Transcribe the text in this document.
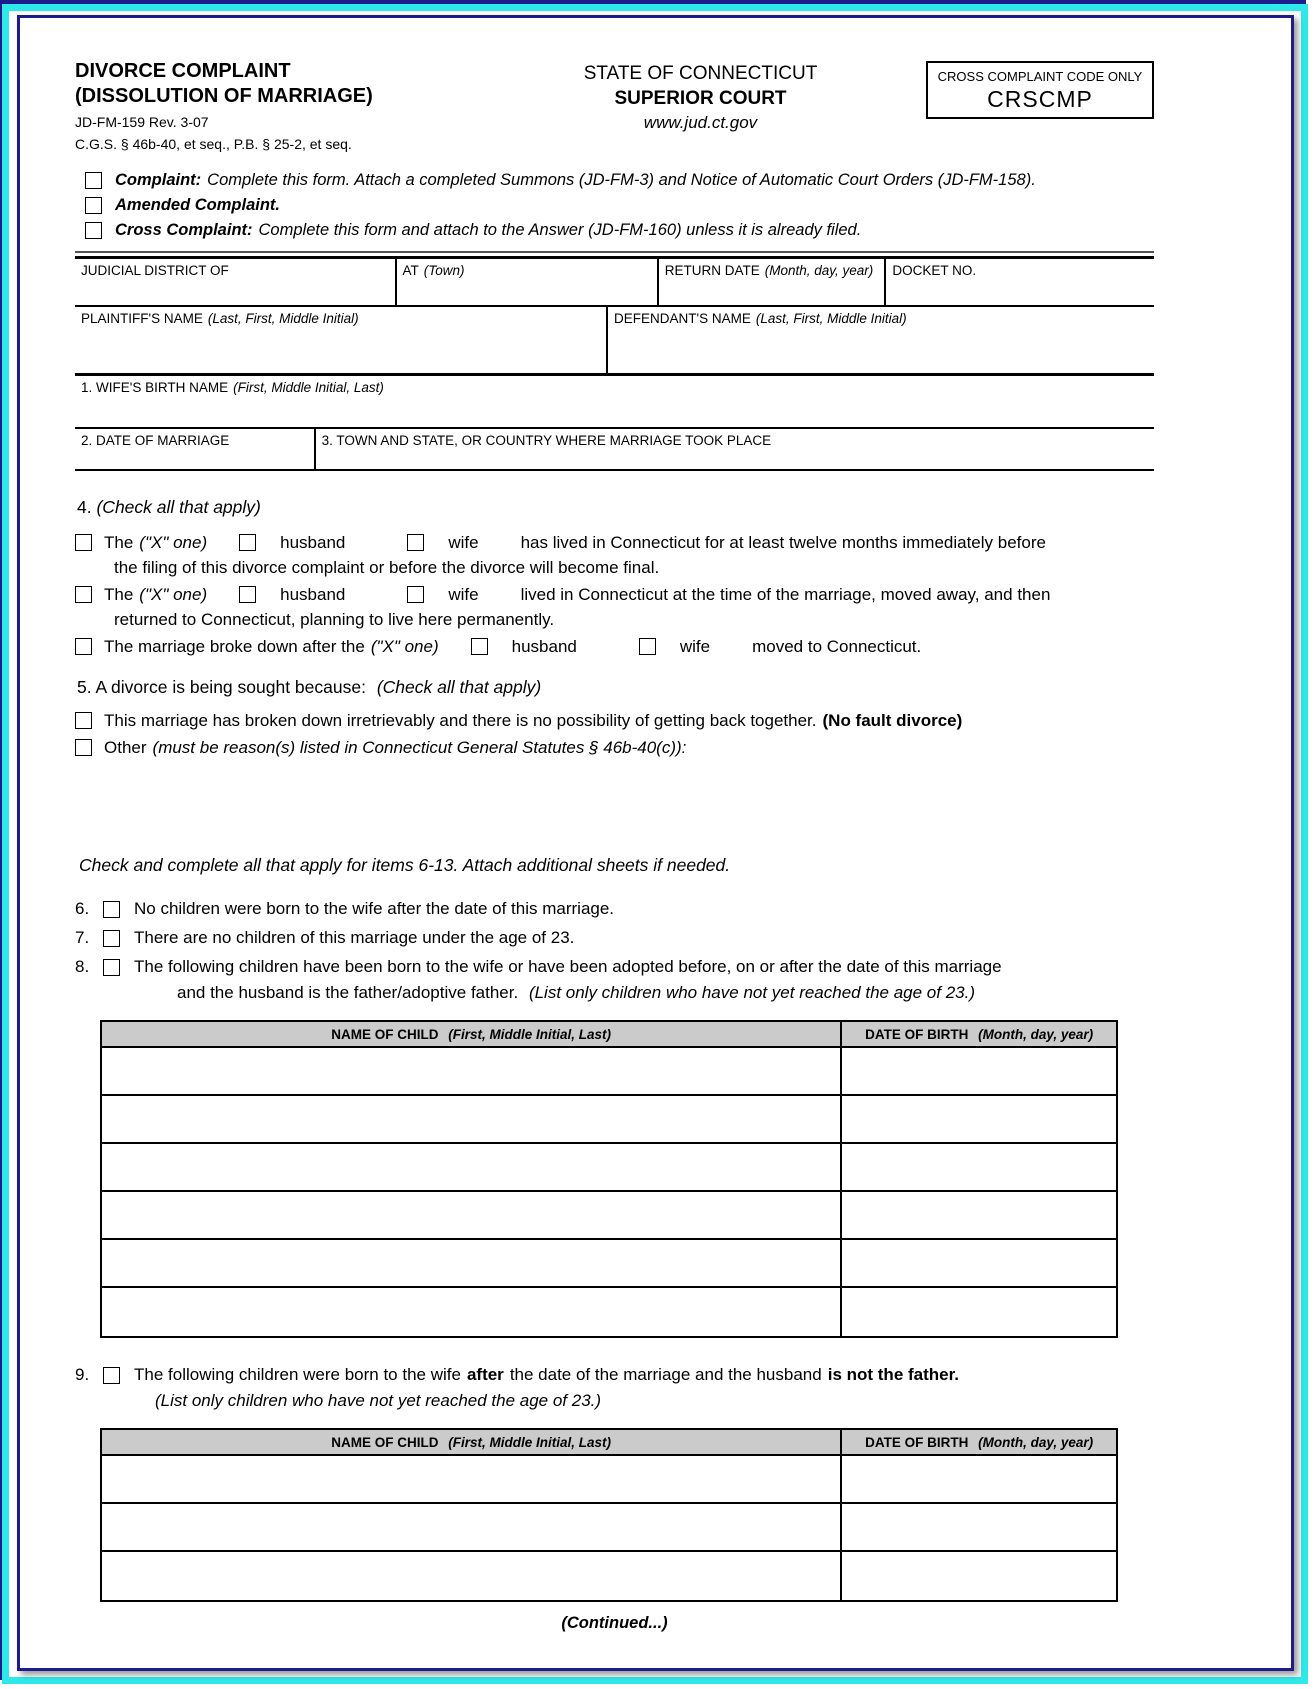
DIVORCE COMPLAINT
(DISSOLUTION OF MARRIAGE)
JD-FM-159 Rev. 3-07
C.G.S. § 46b-40, et seq., P.B. § 25-2, et seq.
STATE OF CONNECTICUT
SUPERIOR COURT
www.jud.ct.gov
CROSS COMPLAINT CODE ONLY
CRSCMP
Complaint: Complete this form. Attach a completed Summons (JD-FM-3) and Notice of Automatic Court Orders (JD-FM-158).
Amended Complaint.
Cross Complaint: Complete this form and attach to the Answer (JD-FM-160) unless it is already filed.
JUDICIAL DISTRICT OF	AT (Town)	RETURN DATE (Month, day, year)	DOCKET NO.
PLAINTIFF'S NAME (Last, First, Middle Initial)	DEFENDANT'S NAME (Last, First, Middle Initial)
1. WIFE'S BIRTH NAME (First, Middle Initial, Last)
2. DATE OF MARRIAGE	3. TOWN AND STATE, OR COUNTRY WHERE MARRIAGE TOOK PLACE
4. (Check all that apply)
The ("X" one)	husband	wife has lived in Connecticut for at least twelve months immediately before
the filing of this divorce complaint or before the divorce will become final.
The ("X" one)	husband	wife lived in Connecticut at the time of the marriage, moved away, and then
returned to Connecticut, planning to live here permanently.
The marriage broke down after the ("X" one)	husband	wife moved to Connecticut.
5. A divorce is being sought because: (Check all that apply)
This marriage has broken down irretrievably and there is no possibility of getting back together. (No fault divorce)
Other (must be reason(s) listed in Connecticut General Statutes § 46b-40(c)):
Check and complete all that apply for items 6-13. Attach additional sheets if needed.
6.	No children were born to the wife after the date of this marriage.
7.	There are no children of this marriage under the age of 23.
8.	The following children have been born to the wife or have been adopted before, on or after the date of this marriage
and the husband is the father/adoptive father. (List only children who have not yet reached the age of 23.)
NAME OF CHILD (First, Middle Initial, Last)	DATE OF BIRTH (Month, day, year)
9.	The following children were born to the wife after the date of the marriage and the husband is not the father.
(List only children who have not yet reached the age of 23.)
NAME OF CHILD (First, Middle Initial, Last)	DATE OF BIRTH (Month, day, year)
(Continued...)
